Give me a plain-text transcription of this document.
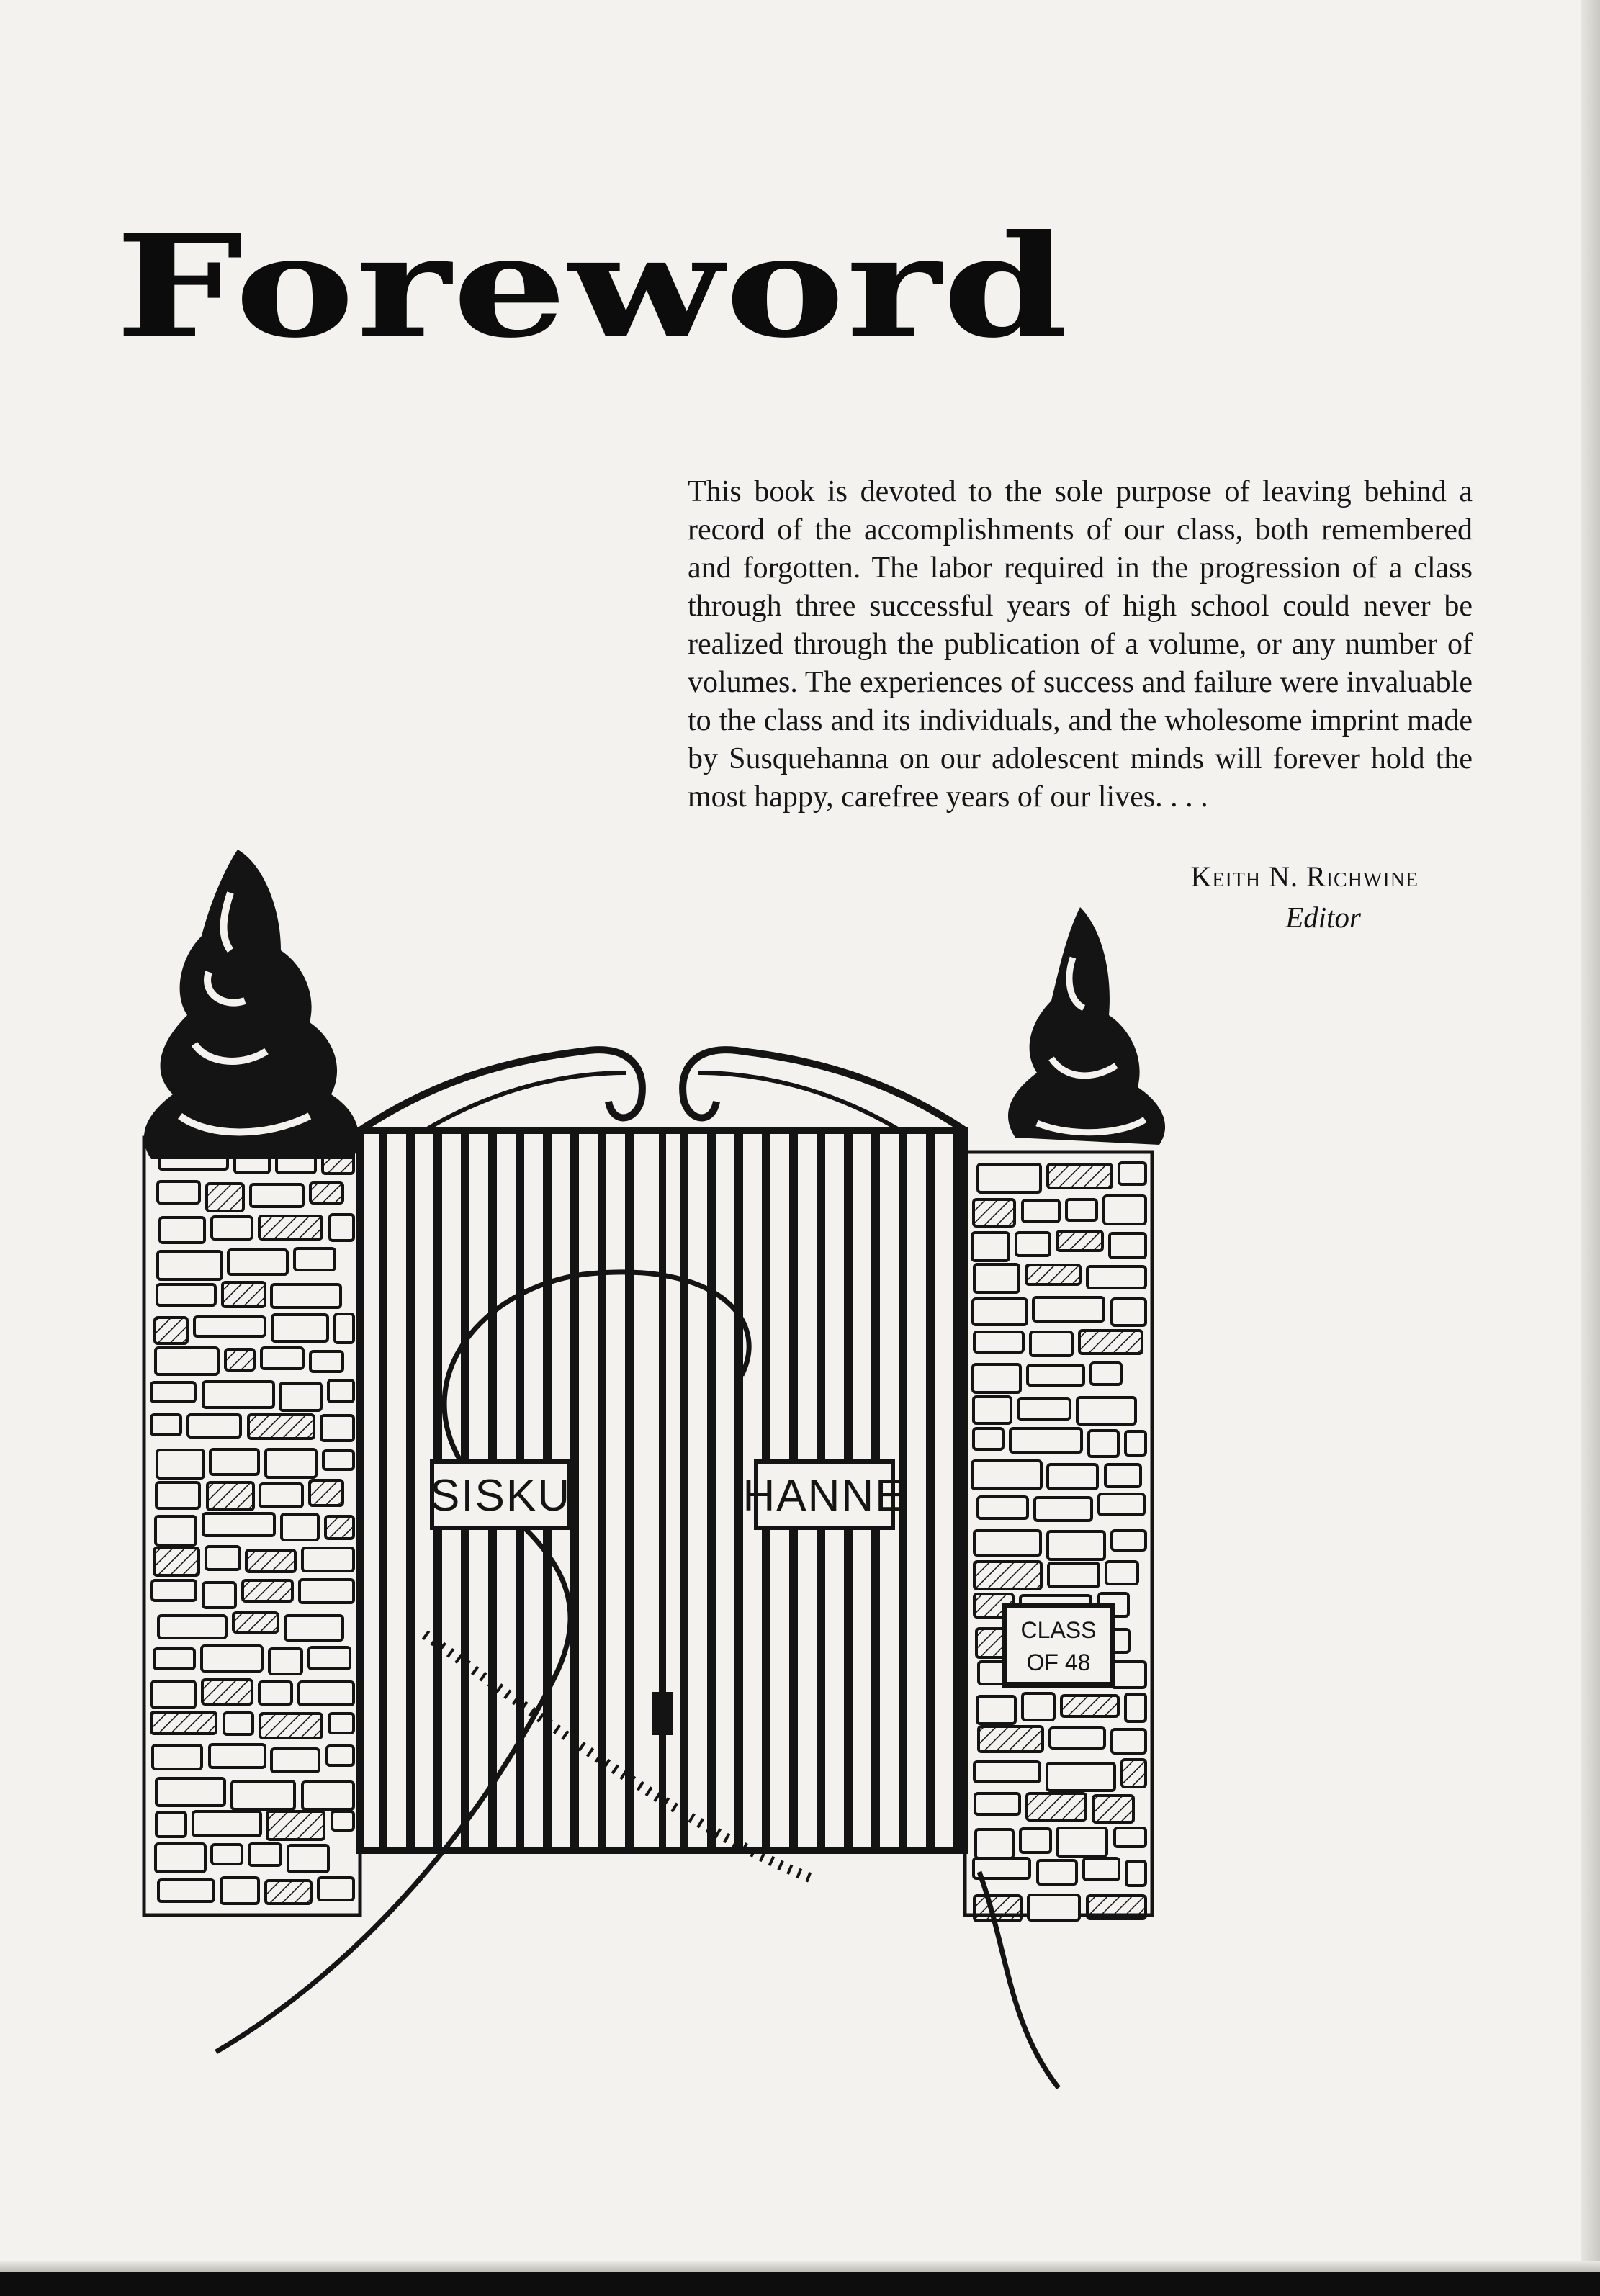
Foreword
This book is devoted to the sole purpose of leaving behind a record of the accomplishments of our class, both remembered and forgotten. The labor required in the progression of a class through three successful years of high school could never be realized through the publication of a volume, or any number of volumes. The experiences of success and failure were invaluable to the class and its individuals, and the wholesome imprint made by Susquehanna on our adolescent minds will forever hold the most happy, carefree years of our lives. . . .
Keith N. Richwine
Editor
SISKU	HANNE
CLASS
OF 48
